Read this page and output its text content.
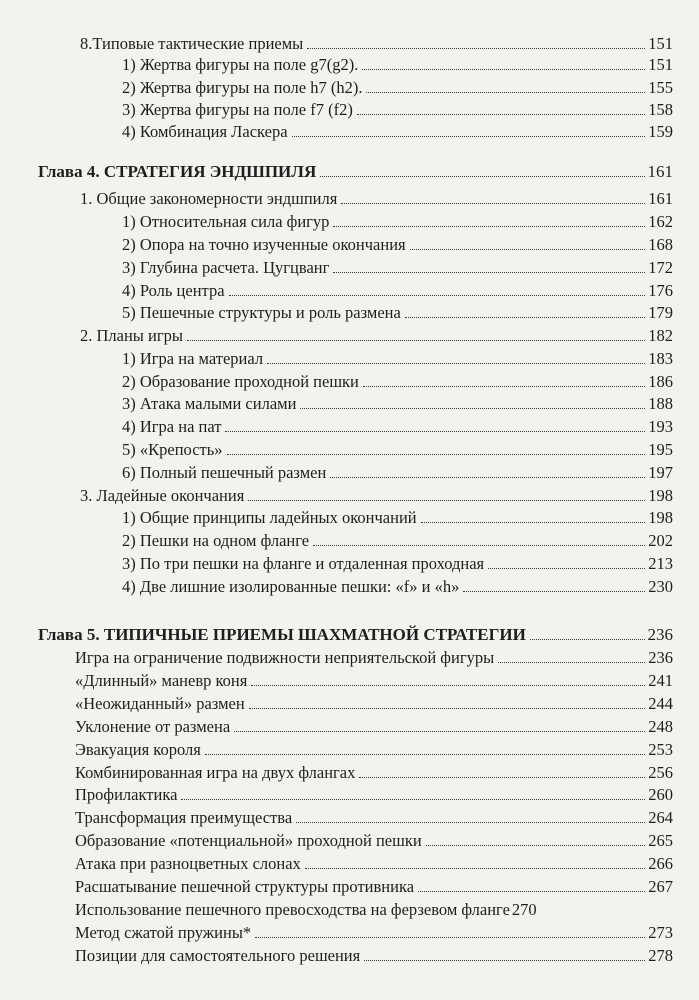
8.Типовые тактические приемы	151
1) Жертва фигуры на поле g7(g2).	151
2) Жертва фигуры на поле h7 (h2).	155
3) Жертва фигуры на поле f7 (f2)	158
4) Комбинация Ласкера	159
Глава 4. СТРАТЕГИЯ ЭНДШПИЛЯ	161
1. Общие закономерности эндшпиля	161
1) Относительная сила фигур	162
2) Опора на точно изученные окончания	168
3) Глубина расчета. Цугцванг	172
4) Роль центра	176
5) Пешечные структуры и роль размена	179
2. Планы игры	182
1) Игра на материал	183
2) Образование проходной пешки	186
3) Атака малыми силами	188
4) Игра на пат	193
5) «Крепость»	195
6) Полный пешечный размен	197
3. Ладейные окончания	198
1) Общие принципы ладейных окончаний	198
2) Пешки на одном фланге	202
3) По три пешки на фланге и отдаленная проходная	213
4) Две лишние изолированные пешки: «f» и «h»	230
Глава 5. ТИПИЧНЫЕ ПРИЕМЫ ШАХМАТНОЙ СТРАТЕГИИ	236
Игра на ограничение подвижности неприятельской фигуры	236
«Длинный» маневр коня	241
«Неожиданный» размен	244
Уклонение от размена	248
Эвакуация короля	253
Комбинированная игра на двух флангах	256
Профилактика	260
Трансформация преимущества	264
Образование «потенциальной» проходной пешки	265
Атака при разноцветных слонах	266
Расшатывание пешечной структуры противника	267
Использование пешечного превосходства на ферзевом фланге 270
Метод сжатой пружины*	273
Позиции для самостоятельного решения	278
